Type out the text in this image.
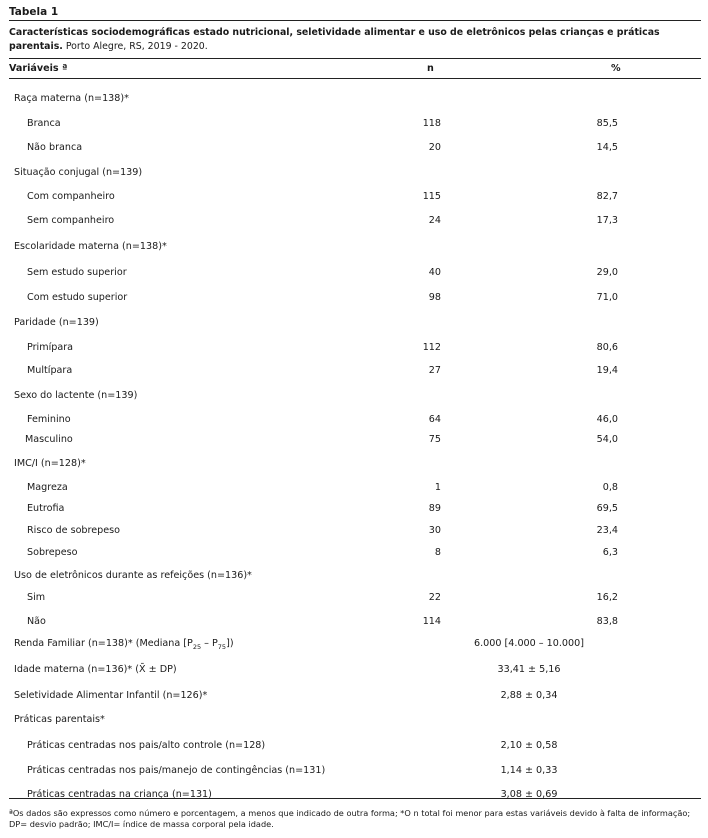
Tabela 1
Características sociodemográficas estado nutricional, seletividade alimentar e uso de eletrônicos pelas crianças e práticas parentais. Porto Alegre, RS, 2019 - 2020.
Variáveis ª	n	%
Raça materna (n=138)*
Branca	118	85,5
Não branca	20	14,5
Situação conjugal (n=139)
Com companheiro	115	82,7
Sem companheiro	24	17,3
Escolaridade materna (n=138)*
Sem estudo superior	40	29,0
Com estudo superior	98	71,0
Paridade (n=139)
Primípara	112	80,6
Multípara	27	19,4
Sexo do lactente (n=139)
Feminino	64	46,0
Masculino	75	54,0
IMC/I (n=128)*
Magreza	1	0,8
Eutrofia	89	69,5
Risco de sobrepeso	30	23,4
Sobrepeso	8	6,3
Uso de eletrônicos durante as refeições (n=136)*
Sim	22	16,2
Não	114	83,8
Renda Familiar (n=138)* (Mediana $[P_{25} - P_{75}]$)	6.000 [4.000 – 10.000]
Idade materna (n=136)* (X̄ ± DP)	33,41 ± 5,16
Seletividade Alimentar Infantil (n=126)*	2,88 ± 0,34
Práticas parentais*
Práticas centradas nos pais/alto controle (n=128)	2,10 ± 0,58
Práticas centradas nos pais/manejo de contingências (n=131)	1,14 ± 0,33
Práticas centradas na criança (n=131)	3,08 ± 0,69
ªOs dados são expressos como número e porcentagem, a menos que indicado de outra forma; *O n total foi menor para estas variáveis devido à falta de informação; DP= desvio padrão; IMC/I= índice de massa corporal pela idade.
